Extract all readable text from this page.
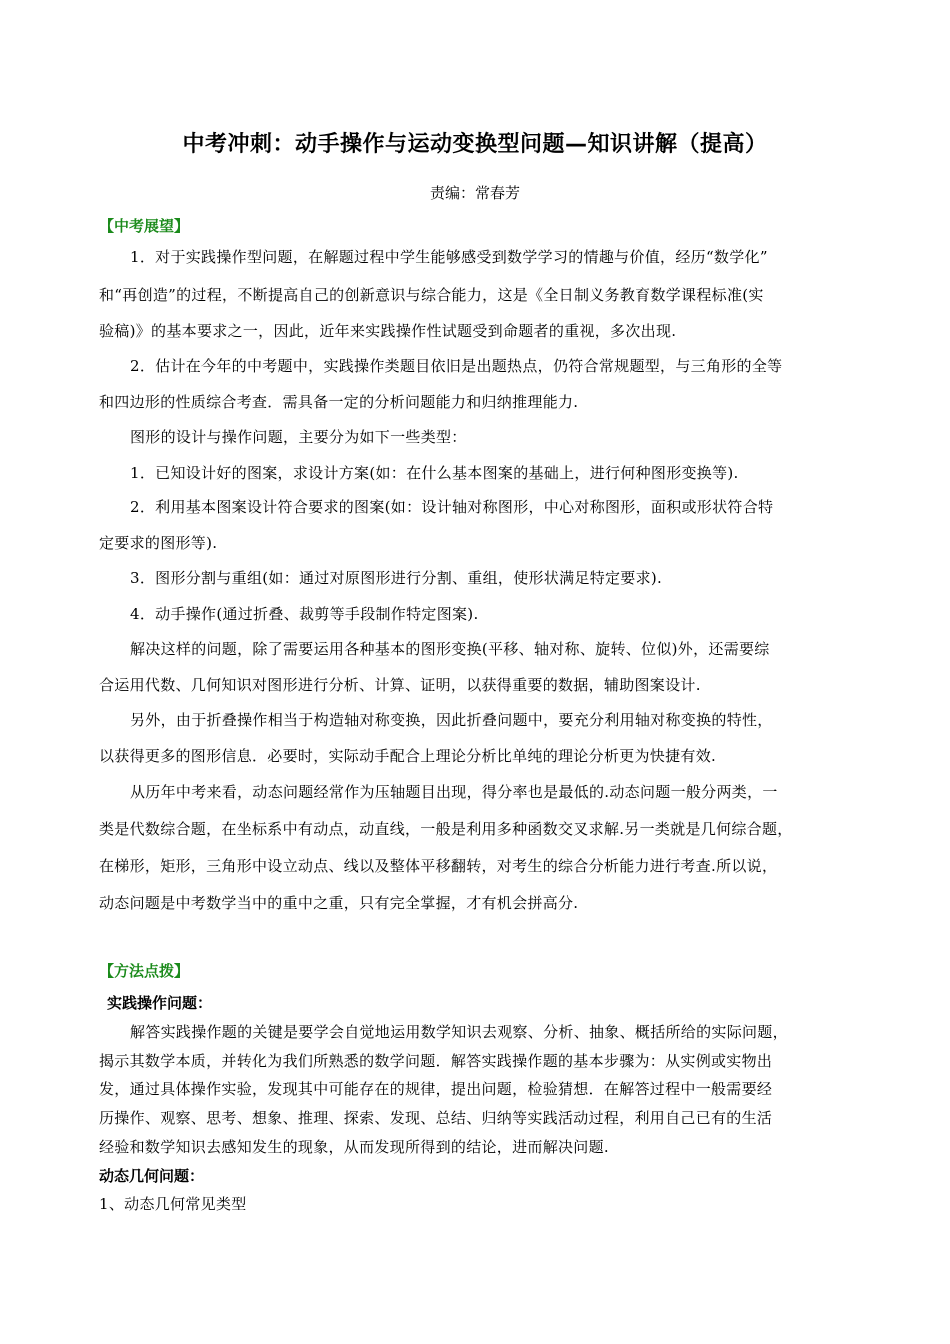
中考冲刺：动手操作与运动变换型问题—知识讲解（提高）
责编：常春芳
【中考展望】
1．对于实践操作型问题，在解题过程中学生能够感受到数学学习的情趣与价值，经历“数学化”
和“再创造”的过程，不断提高自己的创新意识与综合能力，这是《全日制义务教育数学课程标准(实
验稿)》的基本要求之一，因此，近年来实践操作性试题受到命题者的重视，多次出现.
2．估计在今年的中考题中，实践操作类题目依旧是出题热点，仍符合常规题型，与三角形的全等
和四边形的性质综合考查．需具备一定的分析问题能力和归纳推理能力.
图形的设计与操作问题，主要分为如下一些类型：
1．已知设计好的图案，求设计方案(如：在什么基本图案的基础上，进行何种图形变换等).
2．利用基本图案设计符合要求的图案(如：设计轴对称图形，中心对称图形，面积或形状符合特
定要求的图形等).
3．图形分割与重组(如：通过对原图形进行分割、重组，使形状满足特定要求).
4．动手操作(通过折叠、裁剪等手段制作特定图案).
解决这样的问题，除了需要运用各种基本的图形变换(平移、轴对称、旋转、位似)外，还需要综
合运用代数、几何知识对图形进行分析、计算、证明，以获得重要的数据，辅助图案设计.
另外，由于折叠操作相当于构造轴对称变换，因此折叠问题中，要充分利用轴对称变换的特性，
以获得更多的图形信息．必要时，实际动手配合上理论分析比单纯的理论分析更为快捷有效.
从历年中考来看，动态问题经常作为压轴题目出现，得分率也是最低的.动态问题一般分两类，一
类是代数综合题，在坐标系中有动点，动直线，一般是利用多种函数交叉求解.另一类就是几何综合题，
在梯形，矩形，三角形中设立动点、线以及整体平移翻转，对考生的综合分析能力进行考查.所以说，
动态问题是中考数学当中的重中之重，只有完全掌握，才有机会拼高分.
【方法点拨】
实践操作问题：
解答实践操作题的关键是要学会自觉地运用数学知识去观察、分析、抽象、概括所给的实际问题，
揭示其数学本质，并转化为我们所熟悉的数学问题．解答实践操作题的基本步骤为：从实例或实物出
发，通过具体操作实验，发现其中可能存在的规律，提出问题，检验猜想．在解答过程中一般需要经
历操作、观察、思考、想象、推理、探索、发现、总结、归纳等实践活动过程，利用自己已有的生活
经验和数学知识去感知发生的现象，从而发现所得到的结论，进而解决问题.
动态几何问题：
1、动态几何常见类型
